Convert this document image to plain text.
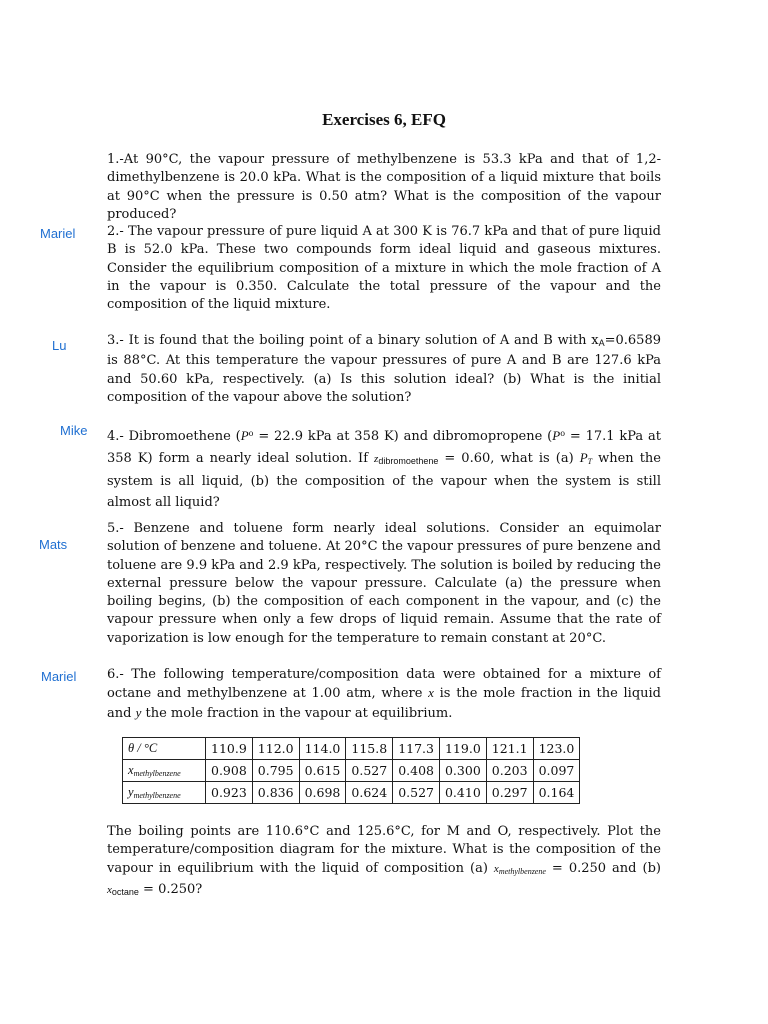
Exercises 6, EFQ
Mariel
Lu
Mike
Mats
Mariel
1.-At 90°C, the vapour pressure of methylbenzene is 53.3 kPa and that of 1,2-dimethylbenzene is 20.0 kPa. What is the composition of a liquid mixture that boils at 90°C when the pressure is 0.50 atm? What is the composition of the vapour produced?
2.- The vapour pressure of pure liquid A at 300 K is 76.7 kPa and that of pure liquid B is 52.0 kPa. These two compounds form ideal liquid and gaseous mixtures. Consider the equilibrium composition of a mixture in which the mole fraction of A in the vapour is 0.350. Calculate the total pressure of the vapour and the composition of the liquid mixture.
3.- It is found that the boiling point of a binary solution of A and B with xA=0.6589 is 88°C. At this temperature the vapour pressures of pure A and B are 127.6 kPa and 50.60 kPa, respectively. (a) Is this solution ideal? (b) What is the initial composition of the vapour above the solution?
4.- Dibromoethene ($P^o = 22.9$ kPa at 358 K) and dibromopropene ($P^o = 17.1$ kPa at 358 K) form a nearly ideal solution. If zdibromoethene = 0.60, what is (a) $P_T$ when the system is all liquid, (b) the composition of the vapour when the system is still almost all liquid?
5.- Benzene and toluene form nearly ideal solutions. Consider an equimolar solution of benzene and toluene. At 20°C the vapour pressures of pure benzene and toluene are 9.9 kPa and 2.9 kPa, respectively. The solution is boiled by reducing the external pressure below the vapour pressure. Calculate (a) the pressure when boiling begins, (b) the composition of each component in the vapour, and (c) the vapour pressure when only a few drops of liquid remain. Assume that the rate of vaporization is low enough for the temperature to remain constant at 20°C.
6.- The following temperature/composition data were obtained for a mixture of octane and methylbenzene at 1.00 atm, where x is the mole fraction in the liquid and y the mole fraction in the vapour at equilibrium.
θ / °C	110.9	112.0	114.0	115.8	117.3	119.0	121.1	123.0
$x_{methylbenzene}$	0.908	0.795	0.615	0.527	0.408	0.300	0.203	0.097
$y_{methylbenzene}$	0.923	0.836	0.698	0.624	0.527	0.410	0.297	0.164
The boiling points are 110.6°C and 125.6°C, for M and O, respectively. Plot the temperature/composition diagram for the mixture. What is the composition of the vapour in equilibrium with the liquid of composition (a) $x_{methylbenzene} = 0.250$ and (b) xoctane = 0.250?
